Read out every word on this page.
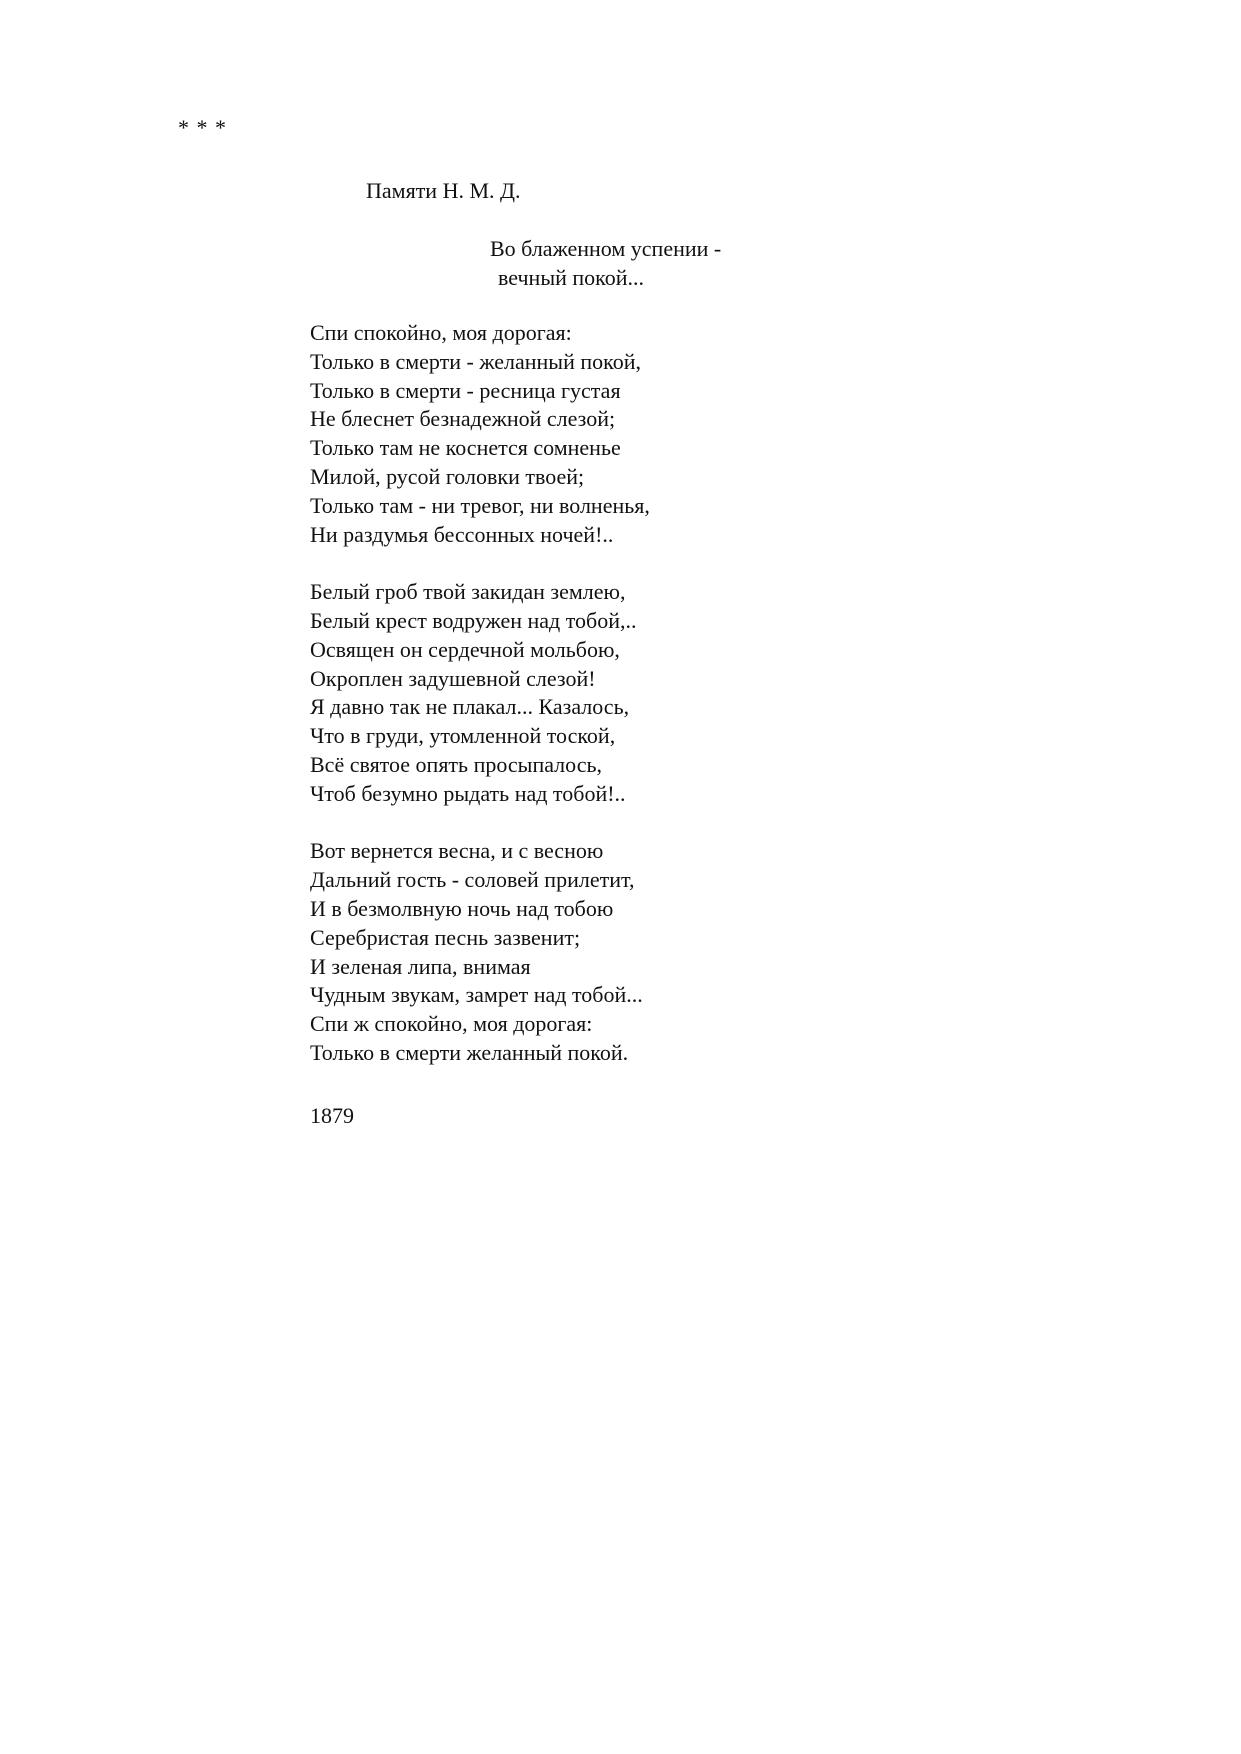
* * *
Памяти Н. М. Д.
Во блаженном успении -
вечный покой...
Спи спокойно, моя дорогая:
Только в смерти - желанный покой,
Только в смерти - ресница густая
Не блеснет безнадежной слезой;
Только там не коснется сомненье
Милой, русой головки твоей;
Только там - ни тревог, ни волненья,
Ни раздумья бессонных ночей!..
Белый гроб твой закидан землею,
Белый крест водружен над тобой,..
Освящен он сердечной мольбою,
Окроплен задушевной слезой!
Я давно так не плакал... Казалось,
Что в груди, утомленной тоской,
Всё святое опять просыпалось,
Чтоб безумно рыдать над тобой!..
Вот вернется весна, и с весною
Дальний гость - соловей прилетит,
И в безмолвную ночь над тобою
Серебристая песнь зазвенит;
И зеленая липа, внимая
Чудным звукам, замрет над тобой...
Спи ж спокойно, моя дорогая:
Только в смерти желанный покой.
1879
